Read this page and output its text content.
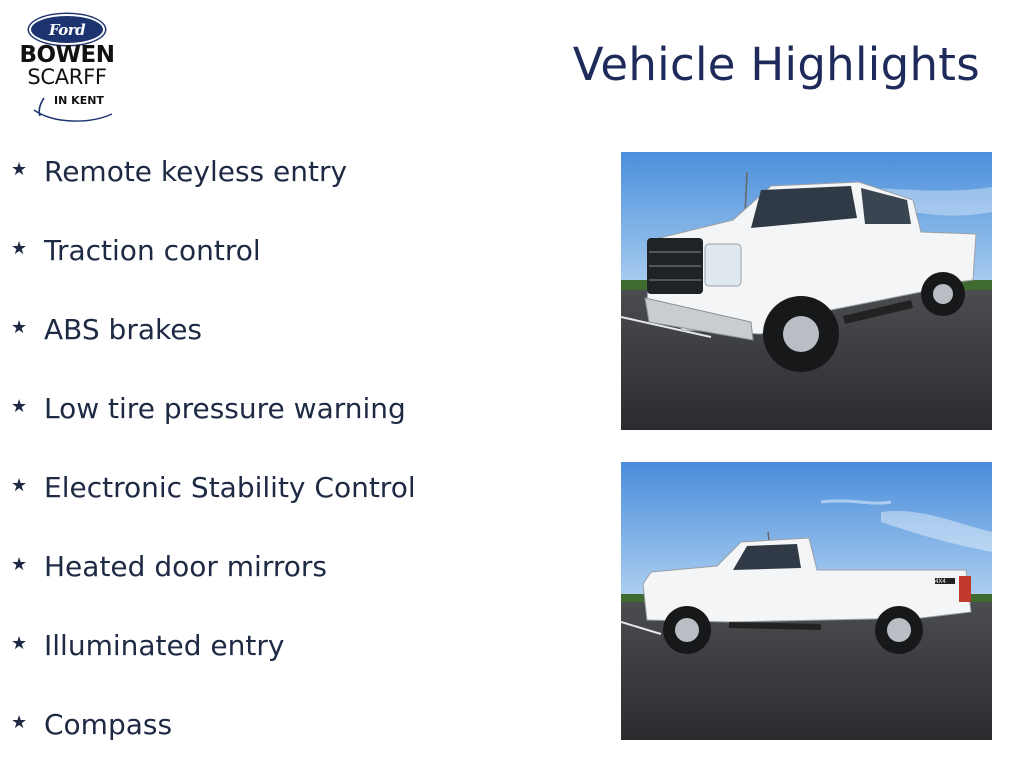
Ford
BOWEN
SCARFF
IN KENT
Vehicle Highlights
★ Remote keyless entry
★ Traction control
★ ABS brakes
★ Low tire pressure warning
★ Electronic Stability Control
★ Heated door mirrors
★ Illuminated entry
★ Compass
4X4
